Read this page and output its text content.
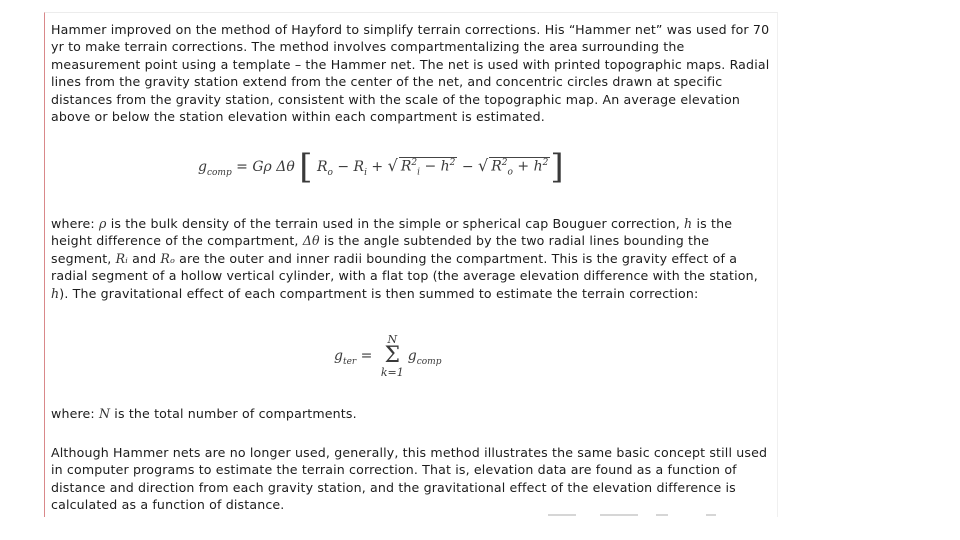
Hammer improved on the method of Hayford to simplify terrain corrections. His “Hammer net” was used for 70 yr to make terrain corrections. The method involves compartmentalizing the area surrounding the measurement point using a template – the Hammer net. The net is used with printed topographic maps. Radial lines from the gravity station extend from the center of the net, and concentric circles drawn at specific distances from the gravity station, consistent with the scale of the topographic map. An average elevation above or below the station elevation within each compartment is estimated.

$g_{comp} = G\rho$ Δθ [ $R_o - R_i$ + √ $R^2_i - h^2$ − √ $R^2_o + h^2$]

where: ρ is the bulk density of the terrain used in the simple or spherical cap Bouguer correction, h is the height difference of the compartment, Δθ is the angle subtended by the two radial lines bounding the segment, Rᵢ and Rₒ are the outer and inner radii bounding the compartment. This is the gravity effect of a radial segment of a hollow vertical cylinder, with a flat top (the average elevation difference with the station, h). The gravitational effect of each compartment is then summed to estimate the terrain correction:

$g_{ter}$ =
N
Σ
k=1
$g_{comp}$

where: N is the total number of compartments.

Although Hammer nets are no longer used, generally, this method illustrates the same basic concept still used in computer programs to estimate the terrain correction. That is, elevation data are found as a function of distance and direction from each gravity station, and the gravitational effect of the elevation difference is calculated as a function of distance.
